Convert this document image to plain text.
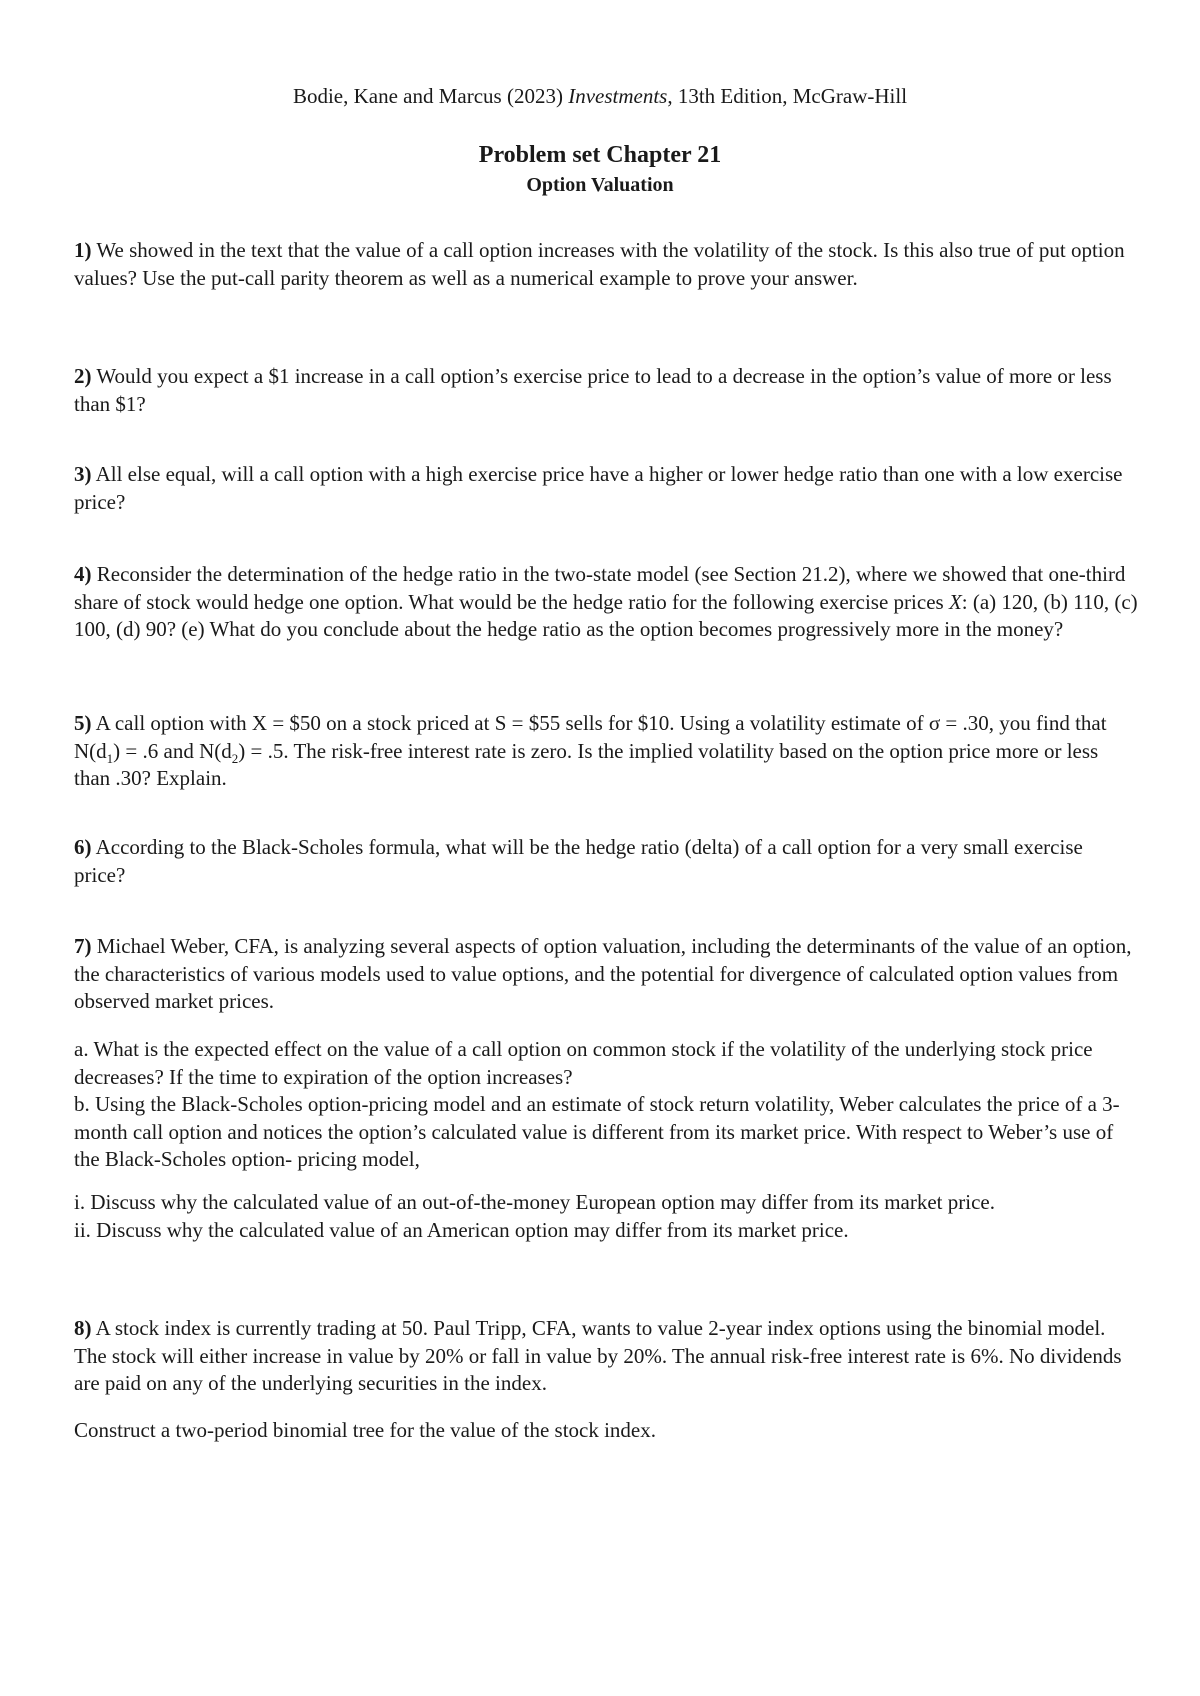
Bodie, Kane and Marcus (2023) Investments, 13th Edition, McGraw-Hill
Problem set Chapter 21
Option Valuation

1) We showed in the text that the value of a call option increases with the volatility of the stock. Is this also true of put option values? Use the put-call parity theorem as well as a numerical example to prove your answer.

2) Would you expect a $1 increase in a call option’s exercise price to lead to a decrease in the option’s value of more or less than $1?

3) All else equal, will a call option with a high exercise price have a higher or lower hedge ratio than one with a low exercise price?

4) Reconsider the determination of the hedge ratio in the two-state model (see Section 21.2), where we showed that one-third share of stock would hedge one option. What would be the hedge ratio for the following exercise prices X: (a) 120, (b) 110, (c) 100, (d) 90? (e) What do you conclude about the hedge ratio as the option becomes progressively more in the money?

5) A call option with X = $50 on a stock priced at S = $55 sells for $10. Using a volatility estimate of σ = .30, you find that $N(d_1) = .6$ and $N(d_2) = .5$. The risk-free interest rate is zero. Is the implied volatility based on the option price more or less than .30? Explain.

6) According to the Black-Scholes formula, what will be the hedge ratio (delta) of a call option for a very small exercise price?

7) Michael Weber, CFA, is analyzing several aspects of option valuation, including the determinants of the value of an option, the characteristics of various models used to value options, and the potential for divergence of calculated option values from observed market prices.

a. What is the expected effect on the value of a call option on common stock if the volatility of the underlying stock price decreases? If the time to expiration of the option increases?

b. Using the Black-Scholes option-pricing model and an estimate of stock return volatility, Weber calculates the price of a 3-month call option and notices the option’s calculated value is different from its market price. With respect to Weber’s use of the Black-Scholes option- pricing model,

i. Discuss why the calculated value of an out-of-the-money European option may differ from its market price.

ii. Discuss why the calculated value of an American option may differ from its market price.

8) A stock index is currently trading at 50. Paul Tripp, CFA, wants to value 2-year index options using the binomial model. The stock will either increase in value by 20% or fall in value by 20%. The annual risk-free interest rate is 6%. No dividends are paid on any of the underlying securities in the index.

Construct a two-period binomial tree for the value of the stock index.
